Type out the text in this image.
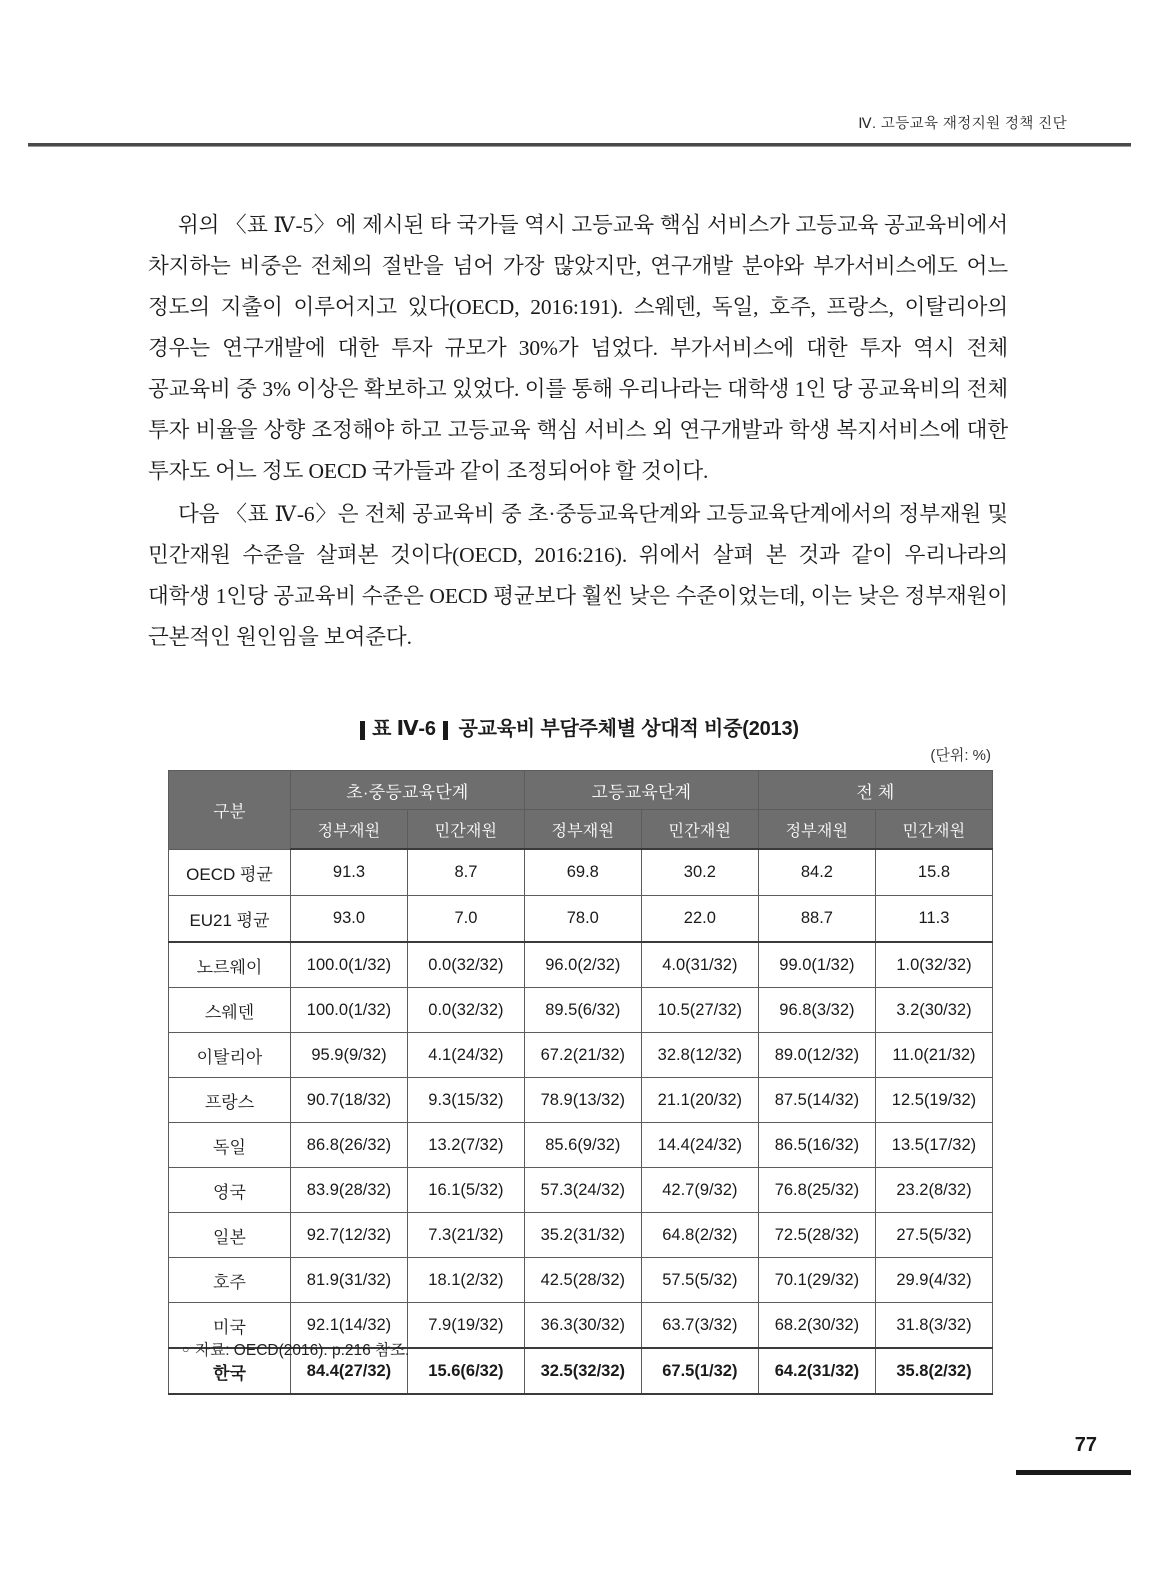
Ⅳ. 고등교육 재정지원 정책 진단

위의 〈표 Ⅳ-5〉에 제시된 타 국가들 역시 고등교육 핵심 서비스가 고등교육 공교육비에서 차지하는 비중은 전체의 절반을 넘어 가장 많았지만, 연구개발 분야와 부가서비스에도 어느 정도의 지출이 이루어지고 있다(OECD, 2016:191). 스웨덴, 독일, 호주, 프랑스, 이탈리아의 경우는 연구개발에 대한 투자 규모가 30%가 넘었다. 부가서비스에 대한 투자 역시 전체 공교육비 중 3% 이상은 확보하고 있었다. 이를 통해 우리나라는 대학생 1인 당 공교육비의 전체 투자 비율을 상향 조정해야 하고 고등교육 핵심 서비스 외 연구개발과 학생 복지서비스에 대한 투자도 어느 정도 OECD 국가들과 같이 조정되어야 할 것이다.

다음 〈표 Ⅳ-6〉은 전체 공교육비 중 초·중등교육단계와 고등교육단계에서의 정부재원 및 민간재원 수준을 살펴본 것이다(OECD, 2016:216). 위에서 살펴 본 것과 같이 우리나라의 대학생 1인당 공교육비 수준은 OECD 평균보다 훨씬 낮은 수준이었는데, 이는 낮은 정부재원이 근본적인 원인임을 보여준다.

표 Ⅳ-6 공교육비 부담주체별 상대적 비중(2013)
(단위: %)
구분	초·중등교육단계		고등교육단계		전 체	
	정부재원	민간재원	정부재원	민간재원	정부재원	민간재원
OECD 평균	91.3	8.7	69.8	30.2	84.2	15.8
EU21 평균	93.0	7.0	78.0	22.0	88.7	11.3
노르웨이	100.0(1/32)	0.0(32/32)	96.0(2/32)	4.0(31/32)	99.0(1/32)	1.0(32/32)
스웨덴	100.0(1/32)	0.0(32/32)	89.5(6/32)	10.5(27/32)	96.8(3/32)	3.2(30/32)
이탈리아	95.9(9/32)	4.1(24/32)	67.2(21/32)	32.8(12/32)	89.0(12/32)	11.0(21/32)
프랑스	90.7(18/32)	9.3(15/32)	78.9(13/32)	21.1(20/32)	87.5(14/32)	12.5(19/32)
독일	86.8(26/32)	13.2(7/32)	85.6(9/32)	14.4(24/32)	86.5(16/32)	13.5(17/32)
영국	83.9(28/32)	16.1(5/32)	57.3(24/32)	42.7(9/32)	76.8(25/32)	23.2(8/32)
일본	92.7(12/32)	7.3(21/32)	35.2(31/32)	64.8(2/32)	72.5(28/32)	27.5(5/32)
호주	81.9(31/32)	18.1(2/32)	42.5(28/32)	57.5(5/32)	70.1(29/32)	29.9(4/32)
미국	92.1(14/32)	7.9(19/32)	36.3(30/32)	63.7(3/32)	68.2(30/32)	31.8(3/32)
한국	84.4(27/32)	15.6(6/32)	32.5(32/32)	67.5(1/32)	64.2(31/32)	35.8(2/32)
○ 자료: OECD(2016). p.216 참조.
77
